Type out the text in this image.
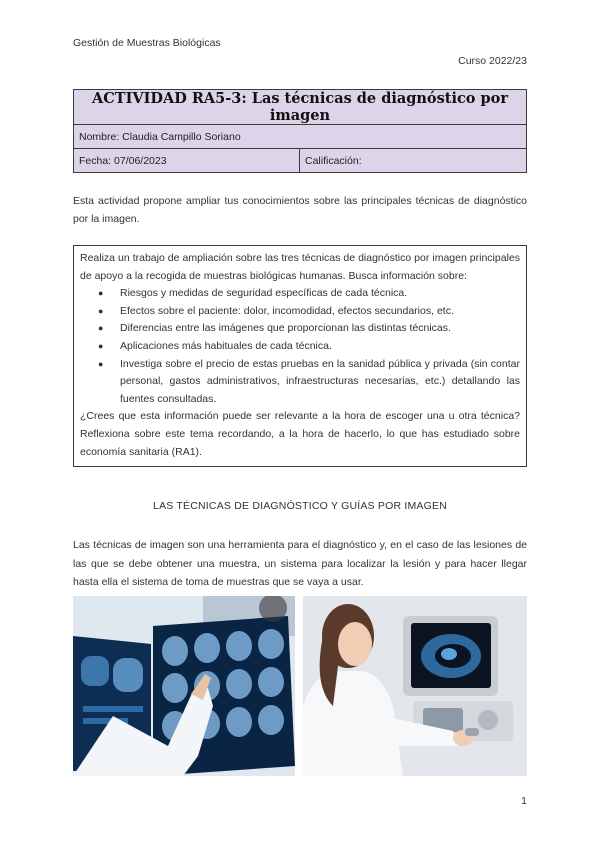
Gestión de Muestras Biológicas
Curso 2022/23
ACTIVIDAD RA5-3: Las técnicas de diagnóstico por imagen
Nombre: Claudia Campillo Soriano
Fecha: 07/06/2023	Calificación:
Esta actividad propone ampliar tus conocimientos sobre las principales técnicas de diagnóstico por la imagen.
Realiza un trabajo de ampliación sobre las tres técnicas de diagnóstico por imagen principales de apoyo a la recogida de muestras biológicas humanas. Busca información sobre:
● Riesgos y medidas de seguridad específicas de cada técnica.
● Efectos sobre el paciente: dolor, incomodidad, efectos secundarios, etc.
● Diferencias entre las imágenes que proporcionan las distintas técnicas.
● Aplicaciones más habituales de cada técnica.
● Investiga sobre el precio de estas pruebas en la sanidad pública y privada (sin contar personal, gastos administrativos, infraestructuras necesarias, etc.) detallando las fuentes consultadas.
¿Crees que esta información puede ser relevante a la hora de escoger una u otra técnica? Reflexiona sobre este tema recordando, a la hora de hacerlo, lo que has estudiado sobre economía sanitaria (RA1).
LAS TÉCNICAS DE DIAGNÓSTICO Y GUÍAS POR IMAGEN
Las técnicas de imagen son una herramienta para el diagnóstico y, en el caso de las lesiones de las que se debe obtener una muestra, un sistema para localizar la lesión y para hacer llegar hasta ella el sistema de toma de muestras que se vaya a usar.
1
